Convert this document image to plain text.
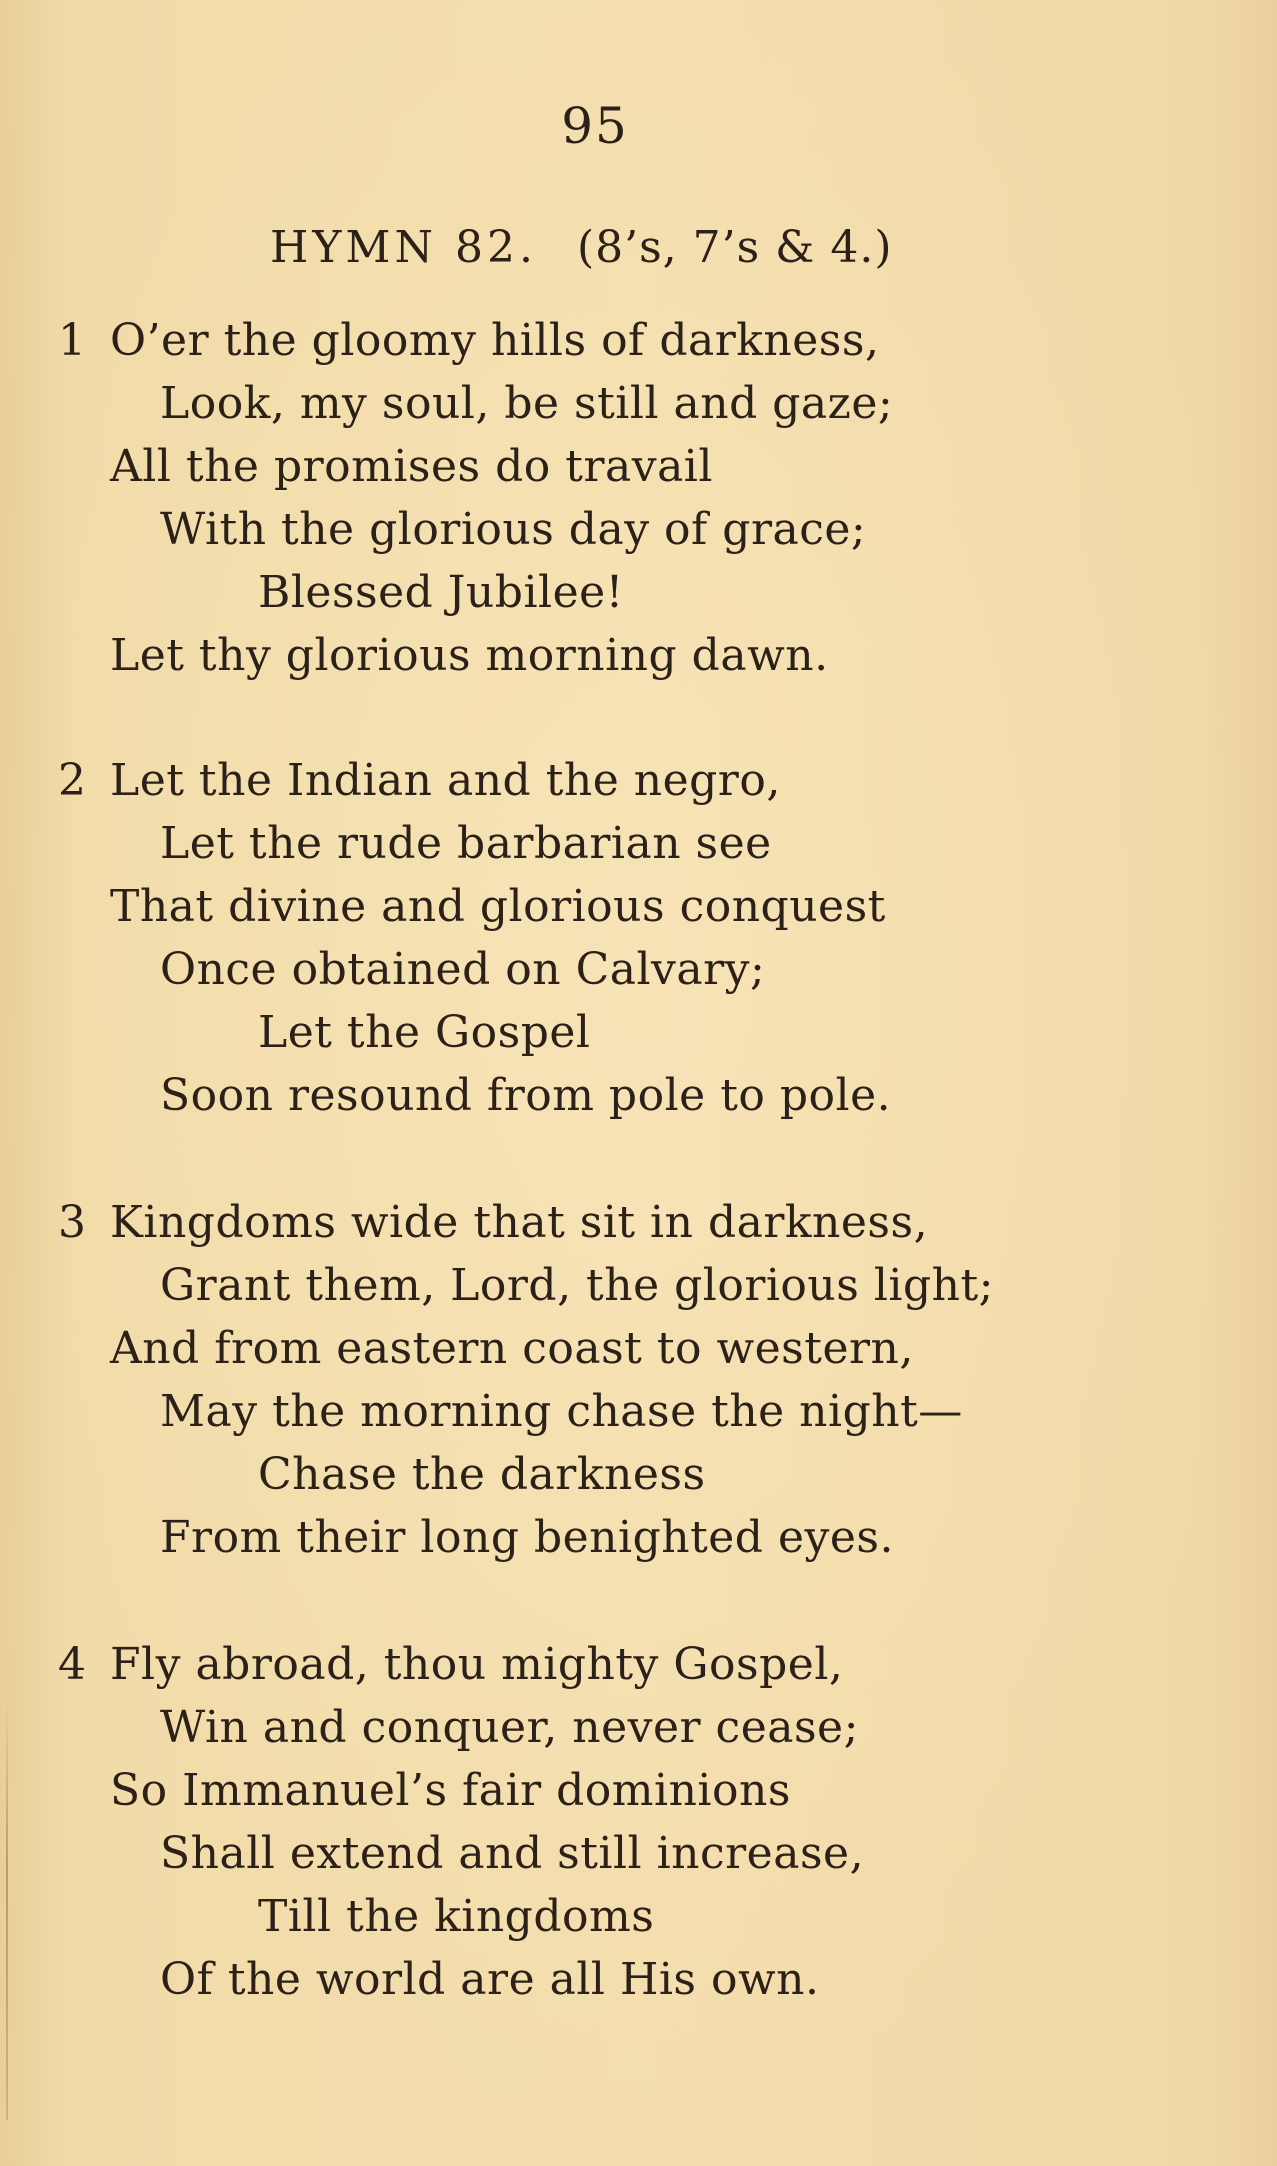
95
HYMN 82. (8’s, 7’s & 4.)
1 O’er the gloomy hills of darkness,
Look, my soul, be still and gaze;
All the promises do travail
With the glorious day of grace;
Blessed Jubilee!
Let thy glorious morning dawn.
2 Let the Indian and the negro,
Let the rude barbarian see
That divine and glorious conquest
Once obtained on Calvary;
Let the Gospel
Soon resound from pole to pole.
3 Kingdoms wide that sit in darkness,
Grant them, Lord, the glorious light;
And from eastern coast to western,
May the morning chase the night—
Chase the darkness
From their long benighted eyes.
4 Fly abroad, thou mighty Gospel,
Win and conquer, never cease;
So Immanuel’s fair dominions
Shall extend and still increase,
Till the kingdoms
Of the world are all His own.
